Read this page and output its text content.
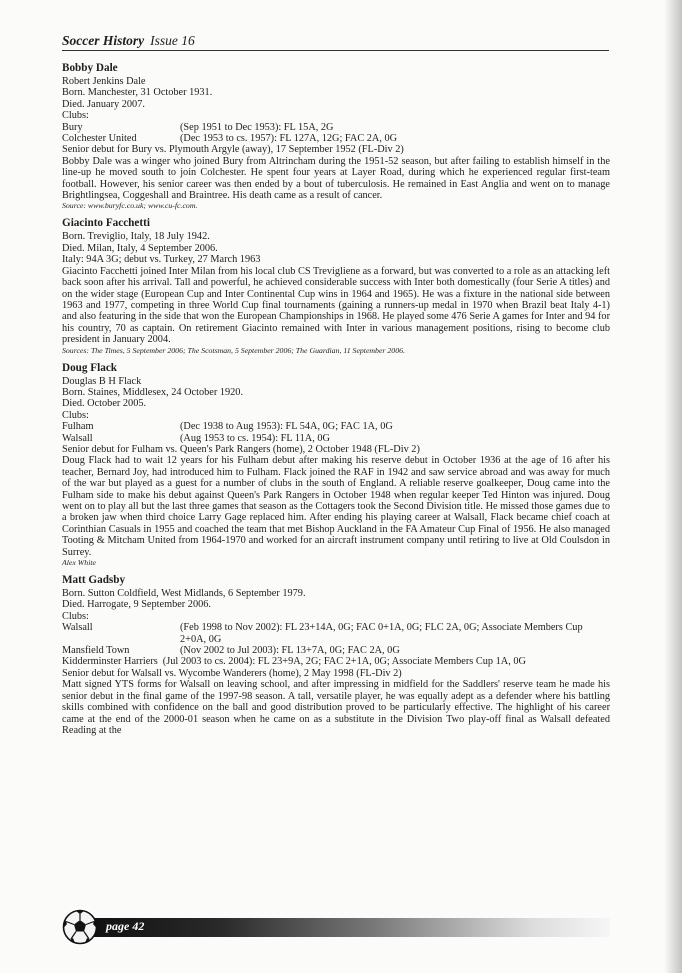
Soccer History Issue 16
Bobby Dale
Robert Jenkins Dale
Born. Manchester, 31 October 1931.
Died. January 2007.
Clubs:
Bury	(Sep 1951 to Dec 1953): FL 15A, 2G
Colchester United	(Dec 1953 to cs. 1957): FL 127A, 12G; FAC 2A, 0G
Senior debut for Bury vs. Plymouth Argyle (away), 17 September 1952 (FL-Div 2)
Bobby Dale was a winger who joined Bury from Altrincham during the 1951-52 season, but after failing to establish himself in the line-up he moved south to join Colchester. He spent four years at Layer Road, during which he experienced regular first-team football. However, his senior career was then ended by a bout of tuberculosis. He remained in East Anglia and went on to manage Brightlingsea, Coggeshall and Braintree. His death came as a result of cancer.
Source: www.buryfc.co.uk; www.cu-fc.com.
Giacinto Facchetti
Born. Treviglio, Italy, 18 July 1942.
Died. Milan, Italy, 4 September 2006.
Italy: 94A 3G; debut vs. Turkey, 27 March 1963
Giacinto Facchetti joined Inter Milan from his local club CS Trevigliene as a forward, but was converted to a role as an attacking left back soon after his arrival. Tall and powerful, he achieved considerable success with Inter both domestically (four Serie A titles) and on the wider stage (European Cup and Inter Continental Cup wins in 1964 and 1965). He was a fixture in the national side between 1963 and 1977, competing in three World Cup final tournaments (gaining a runners-up medal in 1970 when Brazil beat Italy 4-1) and also featuring in the side that won the European Championships in 1968. He played some 476 Serie A games for Inter and 94 for his country, 70 as captain. On retirement Giacinto remained with Inter in various management positions, rising to become club president in January 2004.
Sources: The Times, 5 September 2006; The Scotsman, 5 September 2006; The Guardian, 11 September 2006.
Doug Flack
Douglas B H Flack
Born. Staines, Middlesex, 24 October 1920.
Died. October 2005.
Clubs:
Fulham	(Dec 1938 to Aug 1953): FL 54A, 0G; FAC 1A, 0G
Walsall	(Aug 1953 to cs. 1954): FL 11A, 0G
Senior debut for Fulham vs. Queen's Park Rangers (home), 2 October 1948 (FL-Div 2)
Doug Flack had to wait 12 years for his Fulham debut after making his reserve debut in October 1936 at the age of 16 after his teacher, Bernard Joy, had introduced him to Fulham. Flack joined the RAF in 1942 and saw service abroad and was away for much of the war but played as a guest for a number of clubs in the south of England. A reliable reserve goalkeeper, Doug came into the Fulham side to make his debut against Queen's Park Rangers in October 1948 when regular keeper Ted Hinton was injured. Doug went on to play all but the last three games that season as the Cottagers took the Second Division title. He missed those games due to a broken jaw when third choice Larry Gage replaced him. After ending his playing career at Walsall, Flack became chief coach at Corinthian Casuals in 1955 and coached the team that met Bishop Auckland in the FA Amateur Cup Final of 1956. He also managed Tooting & Mitcham United from 1964-1970 and worked for an aircraft instrument company until retiring to live at Old Coulsdon in Surrey.
Alex White
Matt Gadsby
Born. Sutton Coldfield, West Midlands, 6 September 1979.
Died. Harrogate, 9 September 2006.
Clubs:
Walsall	(Feb 1998 to Nov 2002): FL 23+14A, 0G; FAC 0+1A, 0G; FLC 2A, 0G; Associate Members Cup 2+0A, 0G
Mansfield Town	(Nov 2002 to Jul 2003): FL 13+7A, 0G; FAC 2A, 0G
Kidderminster Harriers (Jul 2003 to cs. 2004): FL 23+9A, 2G; FAC 2+1A, 0G; Associate Members Cup 1A, 0G
Senior debut for Walsall vs. Wycombe Wanderers (home), 2 May 1998 (FL-Div 2)
Matt signed YTS forms for Walsall on leaving school, and after impressing in midfield for the Saddlers' reserve team he made his senior debut in the final game of the 1997-98 season. A tall, versatile player, he was equally adept as a defender where his battling skills combined with confidence on the ball and good distribution proved to be particularly effective. The highlight of his career came at the end of the 2000-01 season when he came on as a substitute in the Division Two play-off final as Walsall defeated Reading at the
page 42
